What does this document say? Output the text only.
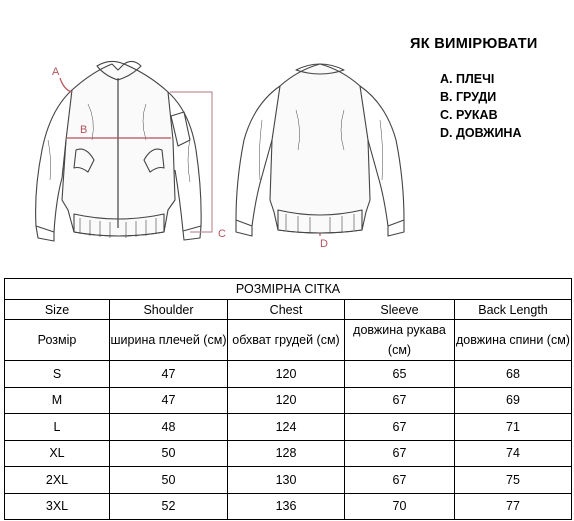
A
B
C
D
ЯК ВИМІРЮВАТИ
A. ПЛЕЧІ
B. ГРУДИ
C. РУКАВ
D. ДОВЖИНА
РОЗМІРНА СІТКА				
Size	Shoulder	Chest	Sleeve	Back Length
Розмір	ширина плечей (см)	обхват грудей (см)	довжина рукава (см)	довжина спини (см)
S	47	120	65	68
M	47	120	67	69
L	48	124	67	71
XL	50	128	67	74
2XL	50	130	67	75
3XL	52	136	70	77
